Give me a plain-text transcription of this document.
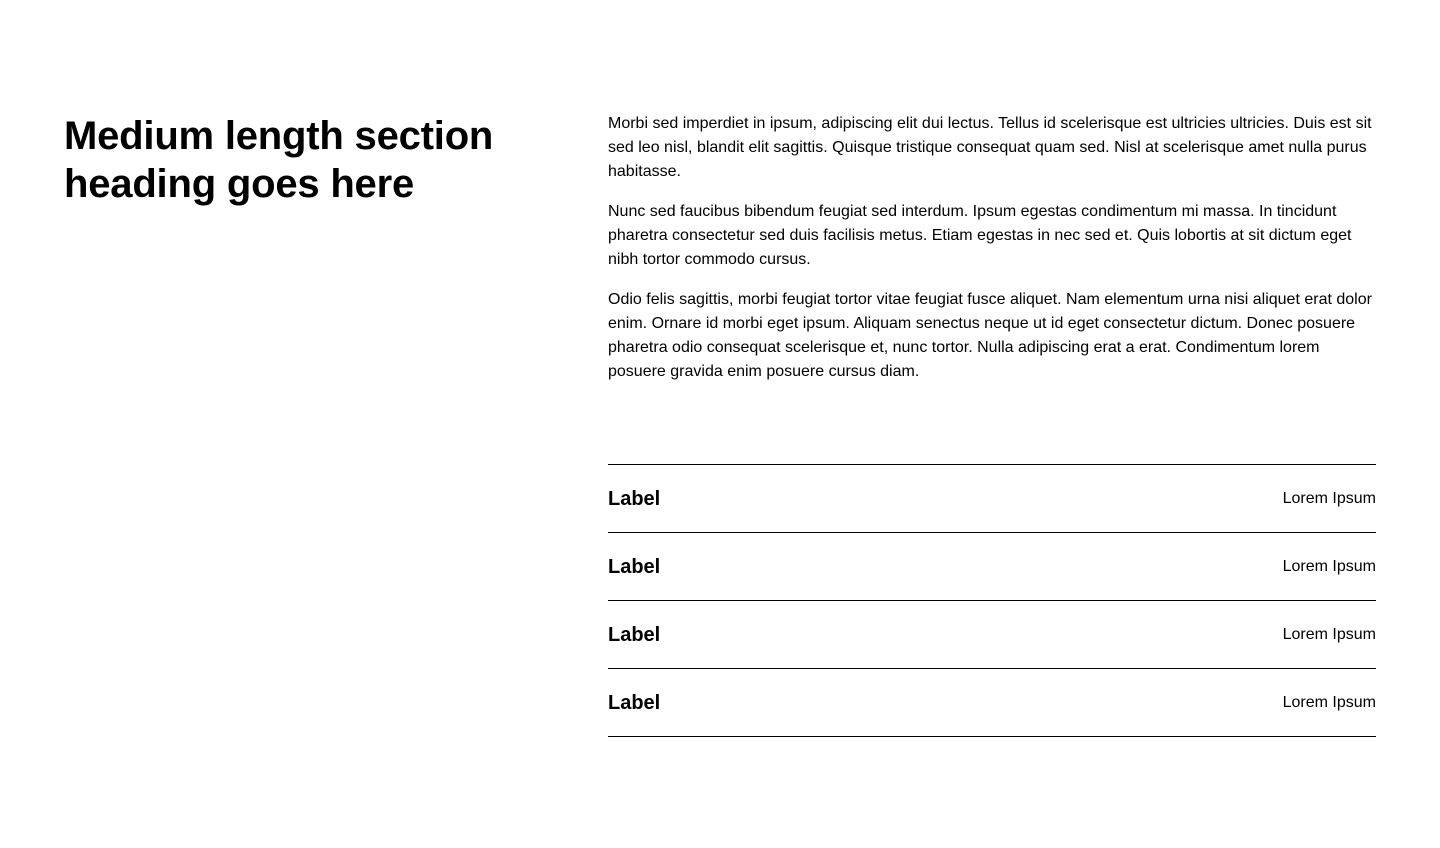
Medium length section heading goes here

Morbi sed imperdiet in ipsum, adipiscing elit dui lectus. Tellus id scelerisque est ultricies ultricies. Duis est sit sed leo nisl, blandit elit sagittis. Quisque tristique consequat quam sed. Nisl at scelerisque amet nulla purus habitasse.

Nunc sed faucibus bibendum feugiat sed interdum. Ipsum egestas condimentum mi massa. In tincidunt pharetra consectetur sed duis facilisis metus. Etiam egestas in nec sed et. Quis lobortis at sit dictum eget nibh tortor commodo cursus.

Odio felis sagittis, morbi feugiat tortor vitae feugiat fusce aliquet. Nam elementum urna nisi aliquet erat dolor enim. Ornare id morbi eget ipsum. Aliquam senectus neque ut id eget consectetur dictum. Donec posuere pharetra odio consequat scelerisque et, nunc tortor. Nulla adipiscing erat a erat. Condimentum lorem posuere gravida enim posuere cursus diam.

Label	Lorem Ipsum
Label	Lorem Ipsum
Label	Lorem Ipsum
Label	Lorem Ipsum
